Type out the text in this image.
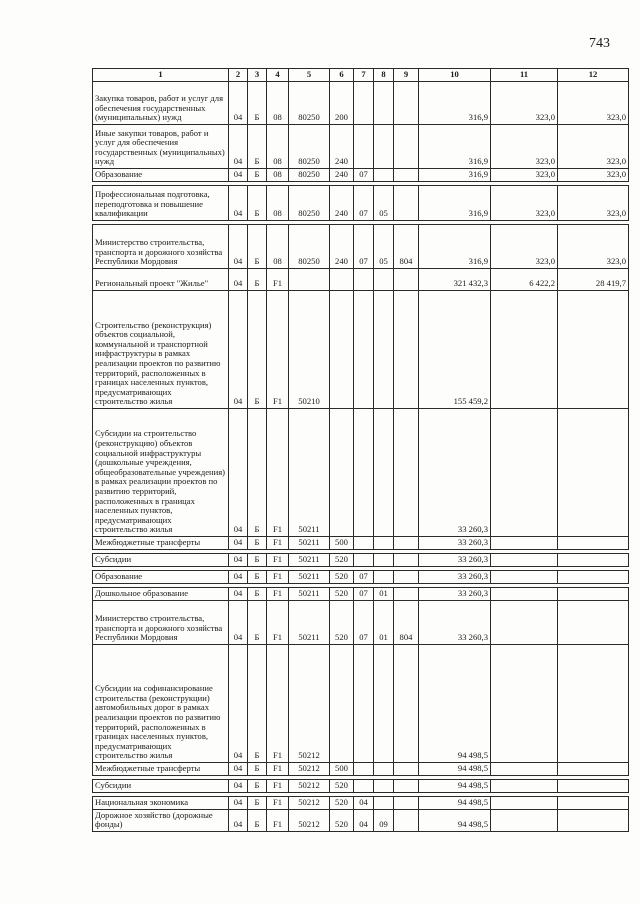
743
1	2	3	4	5	6	7	8	9	10	11	12
Закупка товаров, работ и услуг для обеспечения государственных (муниципальных) нужд	04	Б	08	80250	200				316,9	323,0	323,0
Иные закупки товаров, работ и услуг для обеспечения государственных (муниципальных) нужд	04	Б	08	80250	240				316,9	323,0	323,0
Образование	04	Б	08	80250	240	07			316,9	323,0	323,0

Профессиональная подготовка, переподготовка и повышение квалификации	04	Б	08	80250	240	07	05		316,9	323,0	323,0

Министерство строительства, транспорта и дорожного хозяйства Республики Мордовия	04	Б	08	80250	240	07	05	804	316,9	323,0	323,0
Региональный проект "Жилье"	04	Б	F1						321 432,3	6 422,2	28 419,7
Строительство (реконструкция) объектов социальной, коммунальной и транспортной инфраструктуры в рамках реализации проектов по развитию территорий, расположенных в границах населенных пунктов, предусматривающих строительство жилья	04	Б	F1	50210					155 459,2		
Субсидии на строительство (реконструкцию) объектов социальной инфраструктуры (дошкольные учреждения, общеобразовательные учреждения) в рамках реализации проектов по развитию территорий, расположенных в границах населенных пунктов, предусматривающих строительство жилья	04	Б	F1	50211					33 260,3		
Межбюджетные трансферты	04	Б	F1	50211	500				33 260,3		

Субсидии	04	Б	F1	50211	520				33 260,3		

Образование	04	Б	F1	50211	520	07			33 260,3		

Дошкольное образование	04	Б	F1	50211	520	07	01		33 260,3		
Министерство строительства, транспорта и дорожного хозяйства Республики Мордовия	04	Б	F1	50211	520	07	01	804	33 260,3		
Субсидии на софинансирование строительства (реконструкции) автомобильных дорог в рамках реализации проектов по развитию территорий, расположенных в границах населенных пунктов, предусматривающих строительство жилья	04	Б	F1	50212					94 498,5		
Межбюджетные трансферты	04	Б	F1	50212	500				94 498,5		

Субсидии	04	Б	F1	50212	520				94 498,5		

Национальная экономика	04	Б	F1	50212	520	04			94 498,5		
Дорожное хозяйство (дорожные фонды)	04	Б	F1	50212	520	04	09		94 498,5		
